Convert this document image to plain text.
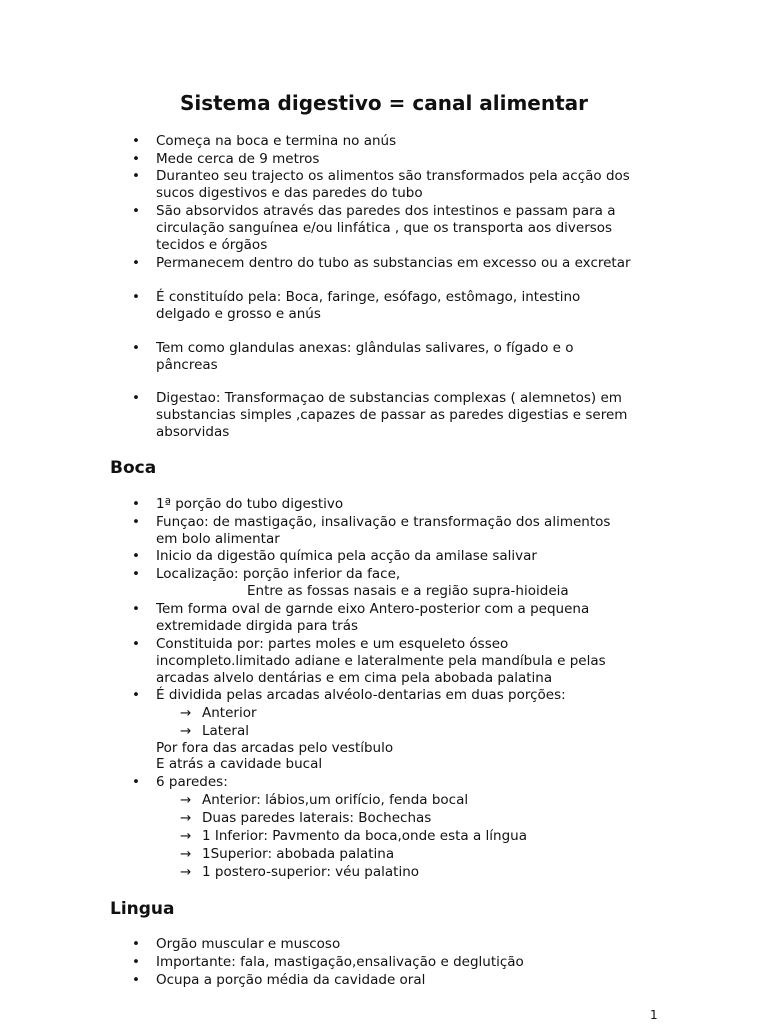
Sistema digestivo = canal alimentar
• Começa na boca e termina no anús
• Mede cerca de 9 metros
• Duranteo seu trajecto os alimentos são transformados pela acção dos
sucos digestivos e das paredes do tubo
• São absorvidos através das paredes dos intestinos e passam para a
circulação sanguínea e/ou linfática , que os transporta aos diversos
tecidos e órgãos
• Permanecem dentro do tubo as substancias em excesso ou a excretar
• É constituído pela: Boca, faringe, esófago, estômago, intestino
delgado e grosso e anús
• Tem como glandulas anexas: glândulas salivares, o fígado e o
pâncreas
• Digestao: Transformaçao de substancias complexas ( alemnetos) em
substancias simples ,capazes de passar as paredes digestias e serem
absorvidas
Boca
• 1ª porção do tubo digestivo
• Funçao: de mastigação, insalivação e transformação dos alimentos
em bolo alimentar
• Inicio da digestão química pela acção da amilase salivar
• Localização: porção inferior da face,
Entre as fossas nasais e a região supra-hioideia
• Tem forma oval de garnde eixo Antero-posterior com a pequena
extremidade dirgida para trás
• Constituida por: partes moles e um esqueleto ósseo
incompleto.limitado adiane e lateralmente pela mandíbula e pelas
arcadas alvelo dentárias e em cima pela abobada palatina
• É dividida pelas arcadas alvéolo-dentarias em duas porções:
→ Anterior
→ Lateral
Por fora das arcadas pelo vestíbulo
E atrás a cavidade bucal
• 6 paredes:
→ Anterior: lábios,um orifício, fenda bocal
→ Duas paredes laterais: Bochechas
→ 1 Inferior: Pavmento da boca,onde esta a língua
→ 1Superior: abobada palatina
→ 1 postero-superior: véu palatino
Lingua
• Orgão muscular e muscoso
• Importante: fala, mastigação,ensalivação e deglutição
• Ocupa a porção média da cavidade oral
1
